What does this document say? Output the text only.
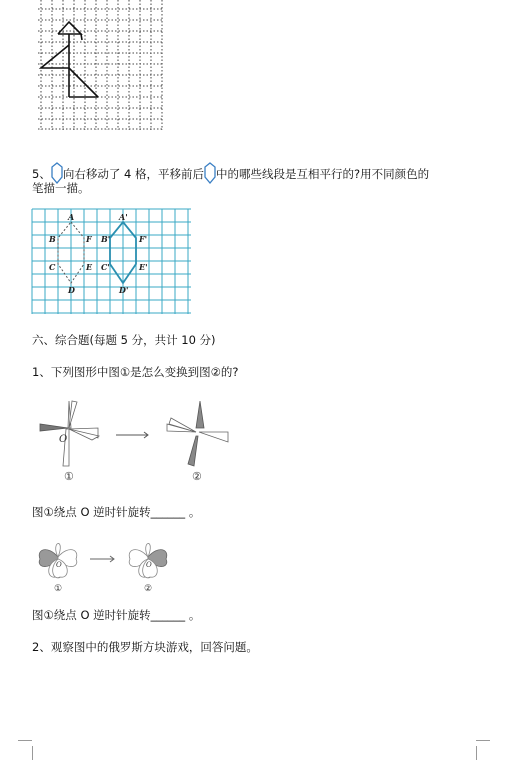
5、 向右移动了 4 格，平移前后 中的哪些线段是互相平行的?用不同颜色的
笔描一描。
A
B	F
C	E
D
A'
B'	F'
C'	E'
D'
六、综合题(每题 5 分，共计 10 分)
1、下列图形中图①是怎么变换到图②的?
O
①	②
图①绕点 O 逆时针旋转______ 。
O
①
O
②
图①绕点 O 逆时针旋转______ 。
2、观察图中的俄罗斯方块游戏，回答问题。
